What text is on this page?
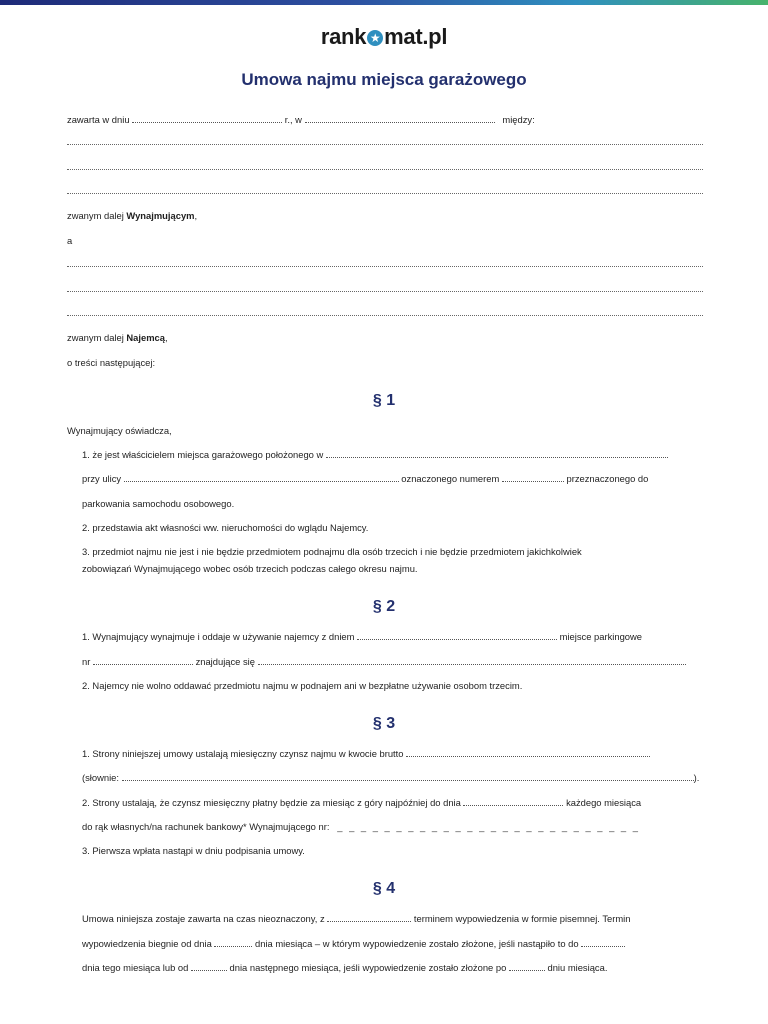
rank ★ mat.pl
Umowa najmu miejsca garażowego
zawarta w dniu	r., w	między:
zwanym dalej Wynajmującym,
a
zwanym dalej Najemcą,
o treści następującej:
§ 1
Wynajmujący oświadcza,
1. że jest właścicielem miejsca garażowego położonego w
przy ulicy	oznaczonego numerem	przeznaczonego do
parkowania samochodu osobowego.
2. przedstawia akt własności ww. nieruchomości do wglądu Najemcy.
3. przedmiot najmu nie jest i nie będzie przedmiotem podnajmu dla osób trzecich i nie będzie przedmiotem jakichkolwiek
zobowiązań Wynajmującego wobec osób trzecich podczas całego okresu najmu.
§ 2
1. Wynajmujący wynajmuje i oddaje w używanie najemcy z dniem	miejsce parkingowe
nr	znajdujące się
2. Najemcy nie wolno oddawać przedmiotu najmu w podnajem ani w bezpłatne używanie osobom trzecim.
§ 3
1. Strony niniejszej umowy ustalają miesięczny czynsz najmu w kwocie brutto
(słownie:	).
2. Strony ustalają, że czynsz miesięczny płatny będzie za miesiąc z góry najpóźniej do dnia	każdego miesiąca
do rąk własnych/na rachunek bankowy* Wynajmującego nr: _ _ _ _ _ _ _ _ _ _ _ _ _ _ _ _ _ _ _ _ _ _ _ _ _ _
3. Pierwsza wpłata nastąpi w dniu podpisania umowy.
§ 4
Umowa niniejsza zostaje zawarta na czas nieoznaczony, z	terminem wypowiedzenia w formie pisemnej. Termin
wypowiedzenia biegnie od dnia	dnia miesiąca – w którym wypowiedzenie zostało złożone, jeśli nastąpiło to do
dnia tego miesiąca lub od	dnia następnego miesiąca, jeśli wypowiedzenie zostało złożone po	dniu miesiąca.
